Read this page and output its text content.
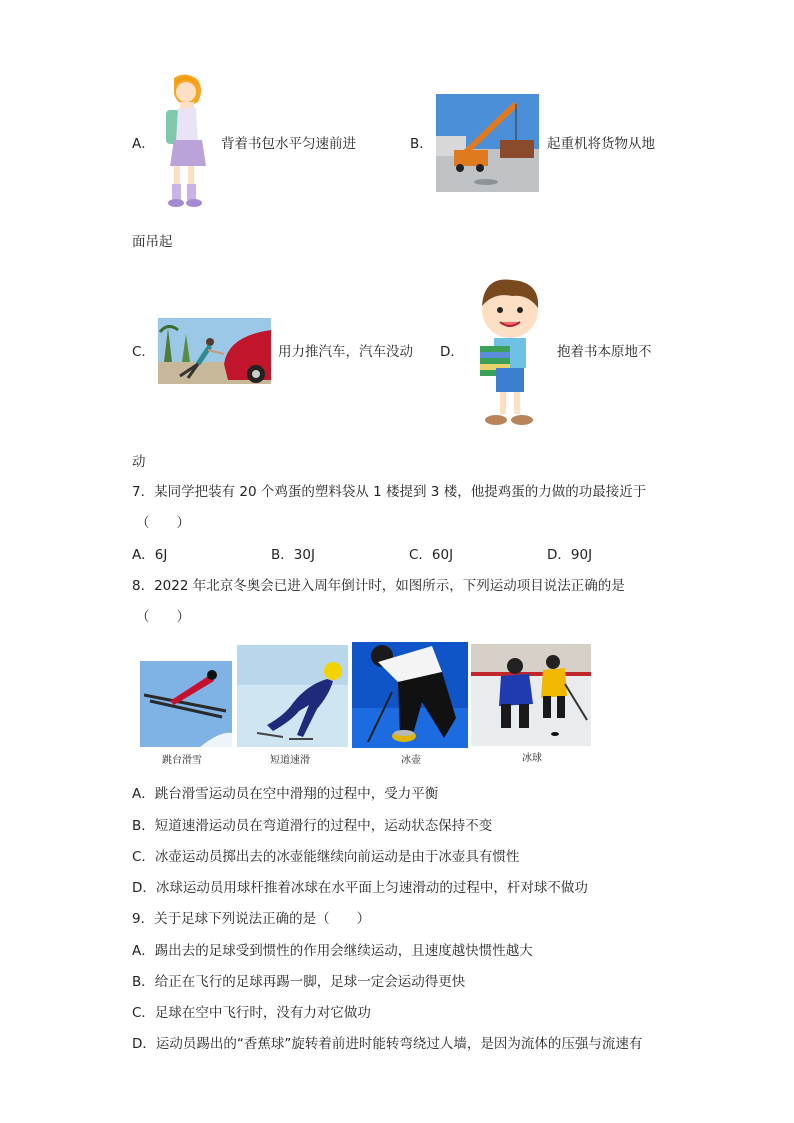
A．	背着书包水平匀速前进	B．	起重机将货物从地
面吊起
C．	用力推汽车，汽车没动 D．	抱着书本原地不
动
7．某同学把装有 20 个鸡蛋的塑料袋从 1 楼提到 3 楼，他提鸡蛋的力做的功最接近于
（　　）
A．6J	B．30J	C．60J	D．90J
8．2022 年北京冬奥会已进入周年倒计时，如图所示，下列运动项目说法正确的是
（　　）
跳台滑雪	短道速滑	冰壶	冰球
A．跳台滑雪运动员在空中滑翔的过程中，受力平衡
B．短道速滑运动员在弯道滑行的过程中，运动状态保持不变
C．冰壶运动员掷出去的冰壶能继续向前运动是由于冰壶具有惯性
D．冰球运动员用球杆推着冰球在水平面上匀速滑动的过程中，杆对球不做功
9．关于足球下列说法正确的是（　　）
A．踢出去的足球受到惯性的作用会继续运动，且速度越快惯性越大
B．给正在飞行的足球再踢一脚，足球一定会运动得更快
C．足球在空中飞行时，没有力对它做功
D．运动员踢出的“香蕉球”旋转着前进时能转弯绕过人墙，是因为流体的压强与流速有
